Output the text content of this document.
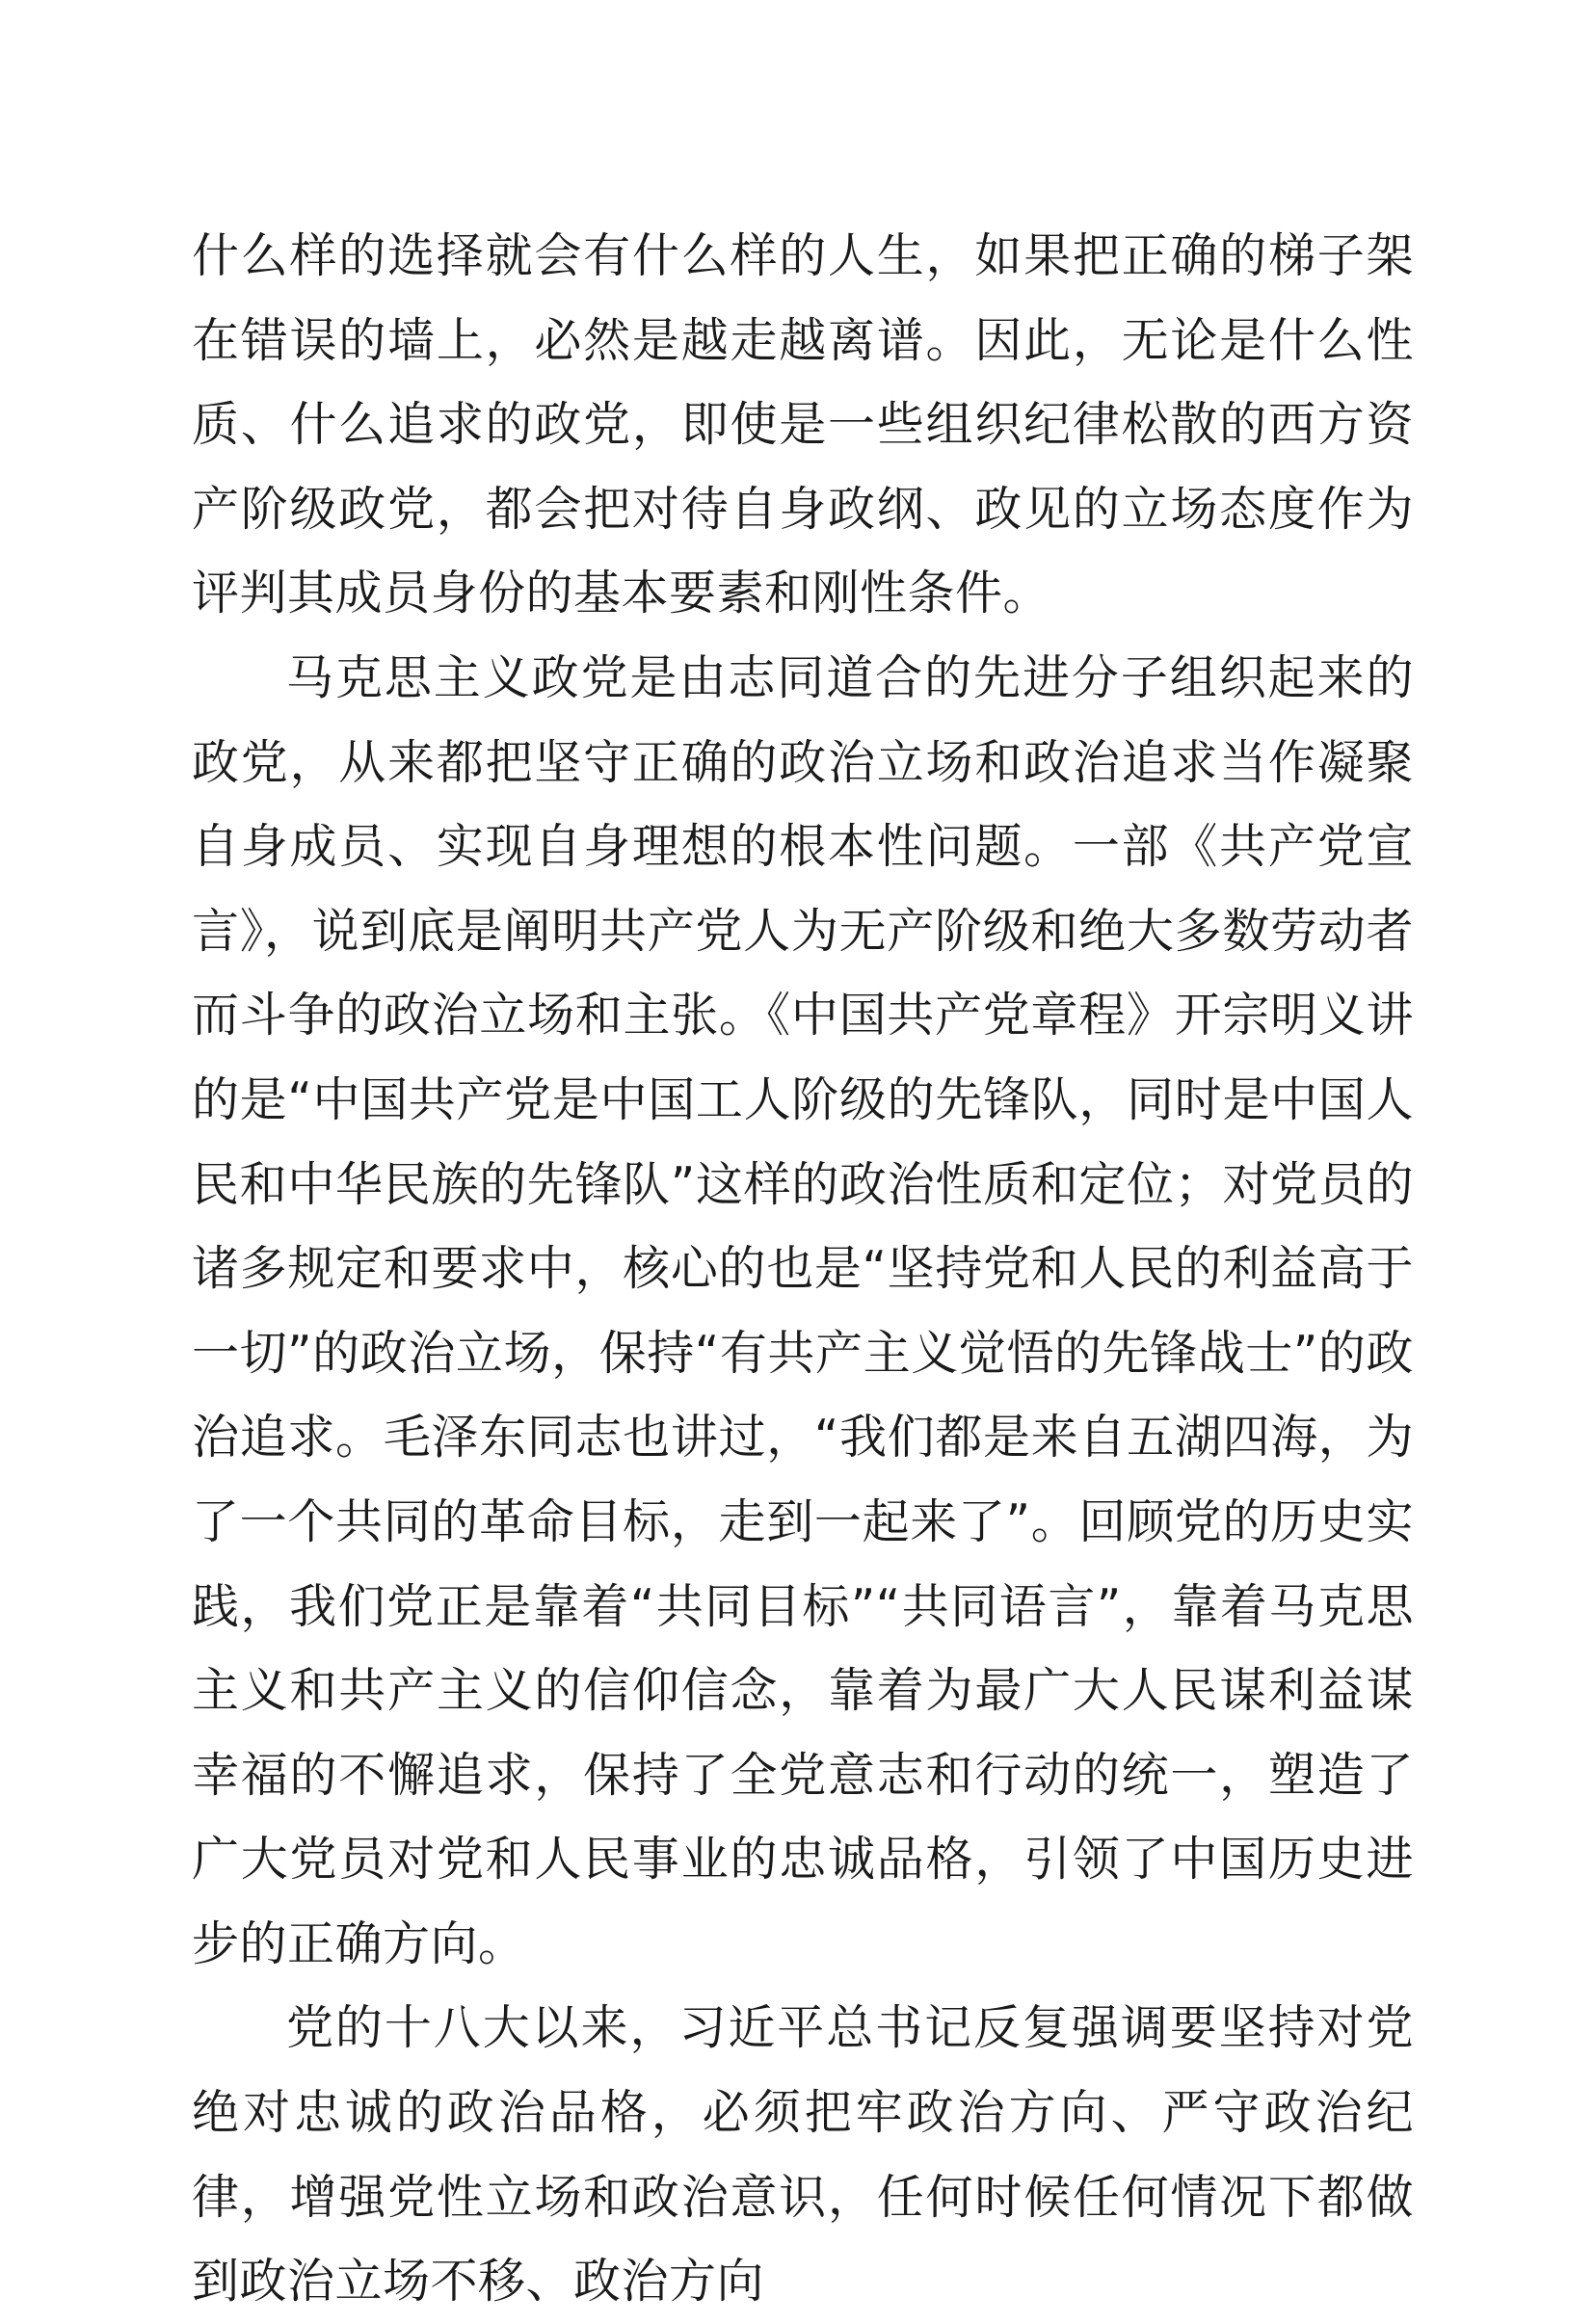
什么样的选择就会有什么样的人生，如果把正确的梯子架在错误的墙上，必然是越走越离谱。因此，无论是什么性质、什么追求的政党，即使是一些组织纪律松散的西方资产阶级政党，都会把对待自身政纲、政见的立场态度作为评判其成员身份的基本要素和刚性条件。

马克思主义政党是由志同道合的先进分子组织起来的政党，从来都把坚守正确的政治立场和政治追求当作凝聚自身成员、实现自身理想的根本性问题。一部《共产党宣言》，说到底是阐明共产党人为无产阶级和绝大多数劳动者而斗争的政治立场和主张。《中国共产党章程》开宗明义讲的是“中国共产党是中国工人阶级的先锋队，同时是中国人民和中华民族的先锋队”这样的政治性质和定位；对党员的诸多规定和要求中，核心的也是“坚持党和人民的利益高于一切”的政治立场，保持“有共产主义觉悟的先锋战士”的政治追求。毛泽东同志也讲过，“我们都是来自五湖四海，为了一个共同的革命目标，走到一起来了”。回顾党的历史实践，我们党正是靠着“共同目标”“共同语言”，靠着马克思主义和共产主义的信仰信念，靠着为最广大人民谋利益谋幸福的不懈追求，保持了全党意志和行动的统一，塑造了广大党员对党和人民事业的忠诚品格，引领了中国历史进步的正确方向。

党的十八大以来，习近平总书记反复强调要坚持对党绝对忠诚的政治品格，必须把牢政治方向、严守政治纪律，增强党性立场和政治意识，任何时候任何情况下都做到政治立场不移、政治方向
